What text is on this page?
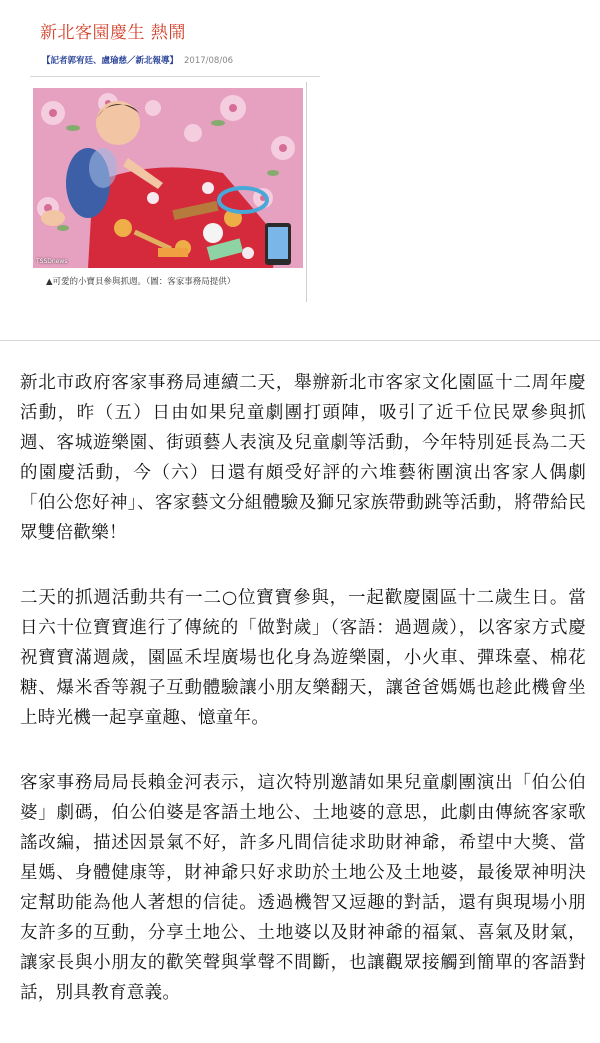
新北客園慶生 熱鬧
【記者郭宥廷、盧瑜慈／新北報導】 2017/08/06
TSSDnews
▲可愛的小寶貝參與抓週。（圖：客家事務局提供）

新北市政府客家事務局連續二天，舉辦新北市客家文化園區十二周年慶活動，昨（五）日由如果兒童劇團打頭陣，吸引了近千位民眾參與抓週、客城遊樂園、街頭藝人表演及兒童劇等活動，今年特別延長為二天的園慶活動，今（六）日還有頗受好評的六堆藝術團演出客家人偶劇「伯公您好神」、客家藝文分組體驗及獅兄家族帶動跳等活動，將帶給民眾雙倍歡樂！

二天的抓週活動共有一二○位寶寶參與，一起歡慶園區十二歲生日。當日六十位寶寶進行了傳統的「做對歲」（客語：過週歲），以客家方式慶祝寶寶滿週歲，園區禾埕廣場也化身為遊樂園，小火車、彈珠臺、棉花糖、爆米香等親子互動體驗讓小朋友樂翻天，讓爸爸媽媽也趁此機會坐上時光機一起享童趣、憶童年。

客家事務局局長賴金河表示，這次特別邀請如果兒童劇團演出「伯公伯婆」劇碼，伯公伯婆是客語土地公、土地婆的意思，此劇由傳統客家歌謠改編，描述因景氣不好，許多凡間信徒求助財神爺，希望中大獎、當星媽、身體健康等，財神爺只好求助於土地公及土地婆，最後眾神明決定幫助能為他人著想的信徒。透過機智又逗趣的對話，還有與現場小朋友許多的互動，分享土地公、土地婆以及財神爺的福氣、喜氣及財氣，讓家長與小朋友的歡笑聲與掌聲不間斷，也讓觀眾接觸到簡單的客語對話，別具教育意義。
